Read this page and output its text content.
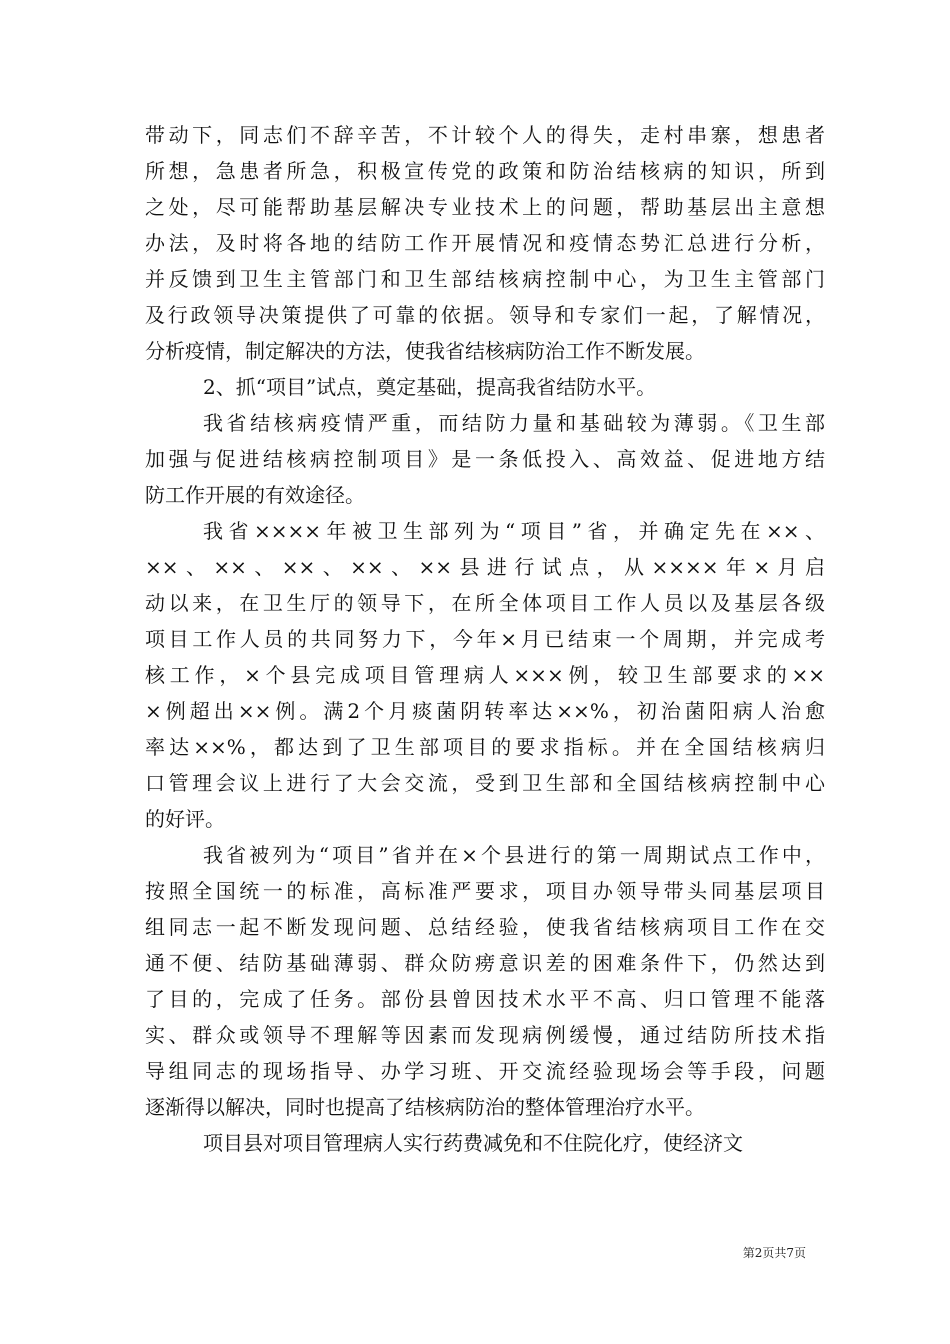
带动下，同志们不辞辛苦，不计较个人的得失，走村串寨，想患者
所想，急患者所急，积极宣传党的政策和防治结核病的知识，所到
之处，尽可能帮助基层解决专业技术上的问题，帮助基层出主意想
办法，及时将各地的结防工作开展情况和疫情态势汇总进行分析，
并反馈到卫生主管部门和卫生部结核病控制中心，为卫生主管部门
及行政领导决策提供了可靠的依据。领导和专家们一起，了解情况，
分析疫情，制定解决的方法，使我省结核病防治工作不断发展。
2、抓“项目”试点，奠定基础，提高我省结防水平。
我省结核病疫情严重，而结防力量和基础较为薄弱。《卫生部
加强与促进结核病控制项目》是一条低投入、高效益、促进地方结
防工作开展的有效途径。
我省××××年被卫生部列为“项目”省，并确定先在××、
××、××、××、××、××县进行试点，从××××年×月启
动以来，在卫生厅的领导下，在所全体项目工作人员以及基层各级
项目工作人员的共同努力下，今年×月已结束一个周期，并完成考
核工作，×个县完成项目管理病人×××例，较卫生部要求的××
×例超出××例。满2个月痰菌阴转率达××%，初治菌阳病人治愈
率达××%，都达到了卫生部项目的要求指标。并在全国结核病归
口管理会议上进行了大会交流，受到卫生部和全国结核病控制中心
的好评。
我省被列为“项目”省并在×个县进行的第一周期试点工作中，
按照全国统一的标准，高标准严要求，项目办领导带头同基层项目
组同志一起不断发现问题、总结经验，使我省结核病项目工作在交
通不便、结防基础薄弱、群众防痨意识差的困难条件下，仍然达到
了目的，完成了任务。部份县曾因技术水平不高、归口管理不能落
实、群众或领导不理解等因素而发现病例缓慢，通过结防所技术指
导组同志的现场指导、办学习班、开交流经验现场会等手段，问题
逐渐得以解决，同时也提高了结核病防治的整体管理治疗水平。
项目县对项目管理病人实行药费减免和不住院化疗，使经济文
第2页共7页
